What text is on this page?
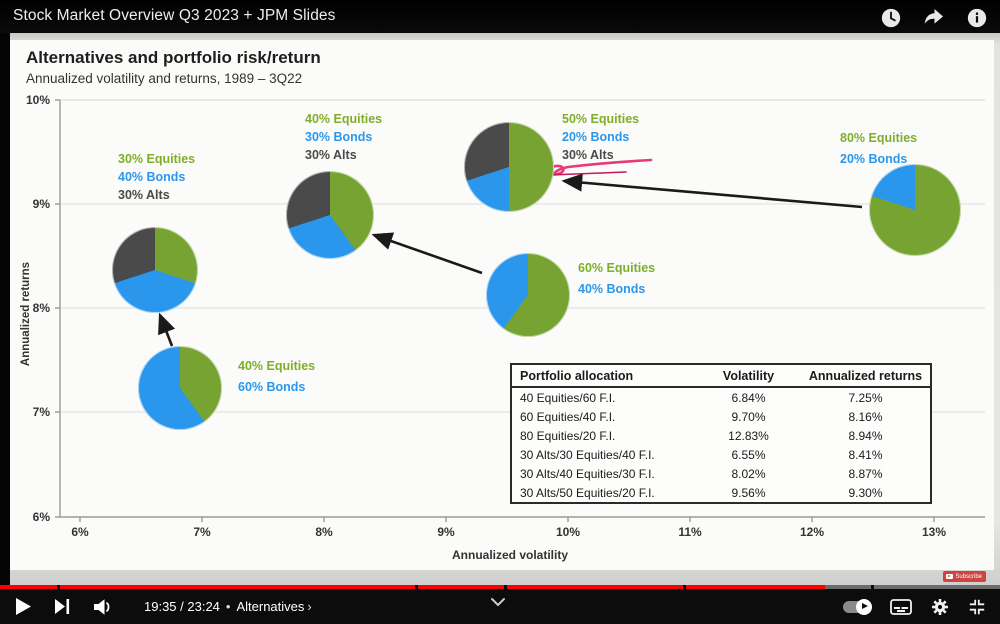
Stock Market Overview Q3 2023 + JPM Slides
Alternatives and portfolio risk/return
Annualized volatility and returns, 1989 – 3Q22
10%
9%
8%
7%
6%
6%	7%	8%	9%	10%	11%	12%	13%
Annualized returns
Annualized volatility
40% Equities
60% Bonds
60% Equities
40% Bonds
80% Equities
20% Bonds
30% Equities
40% Bonds
30% Alts
40% Equities
30% Bonds
30% Alts
50% Equities
20% Bonds
30% Alts
Portfolio allocation	Volatility	Annualized returns
40 Equities/60 F.I.	6.84%	7.25%
60 Equities/40 F.I.	9.70%	8.16%
80 Equities/20 F.I.	12.83%	8.94%
30 Alts/30 Equities/40 F.I.	6.55%	8.41%
30 Alts/40 Equities/30 F.I.	8.02%	8.87%
30 Alts/50 Equities/20 F.I.	9.56%	9.30%
Subscribe
19:35 / 23:24 • Alternatives ›
